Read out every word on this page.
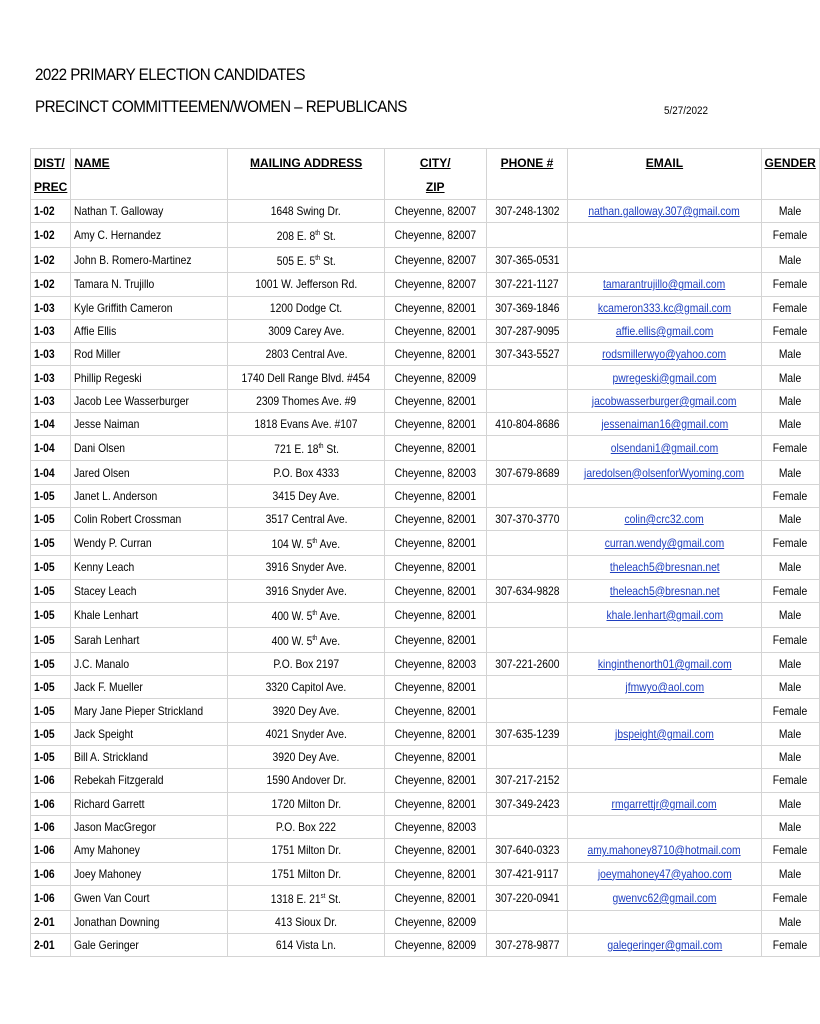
2022 PRIMARY ELECTION CANDIDATES
PRECINCT COMMITTEEMEN/WOMEN – REPUBLICANS	5/27/2022
DIST/
PREC	NAME	MAILING ADDRESS	CITY/
ZIP	PHONE #	EMAIL	GENDER

1-02	Nathan T. Galloway	1648 Swing Dr.	Cheyenne, 82007	307-248-1302	nathan.galloway.307@gmail.com	Male
1-02	Amy C. Hernandez	208 E. 8th St.	Cheyenne, 82007			Female
1-02	John B. Romero-Martinez	505 E. 5th St.	Cheyenne, 82007	307-365-0531		Male
1-02	Tamara N. Trujillo	1001 W. Jefferson Rd.	Cheyenne, 82007	307-221-1127	tamarantrujillo@gmail.com	Female
1-03	Kyle Griffith Cameron	1200 Dodge Ct.	Cheyenne, 82001	307-369-1846	kcameron333.kc@gmail.com	Female
1-03	Affie Ellis	3009 Carey Ave.	Cheyenne, 82001	307-287-9095	affie.ellis@gmail.com	Female
1-03	Rod Miller	2803 Central Ave.	Cheyenne, 82001	307-343-5527	rodsmillerwyo@yahoo.com	Male
1-03	Phillip Regeski	1740 Dell Range Blvd. #454	Cheyenne, 82009		pwregeski@gmail.com	Male
1-03	Jacob Lee Wasserburger	2309 Thomes Ave. #9	Cheyenne, 82001		jacobwasserburger@gmail.com	Male
1-04	Jesse Naiman	1818 Evans Ave. #107	Cheyenne, 82001	410-804-8686	jessenaiman16@gmail.com	Male
1-04	Dani Olsen	721 E. 18th St.	Cheyenne, 82001		olsendani1@gmail.com	Female
1-04	Jared Olsen	P.O. Box 4333	Cheyenne, 82003	307-679-8689	jaredolsen@olsenforWyoming.com	Male
1-05	Janet L. Anderson	3415 Dey Ave.	Cheyenne, 82001			Female
1-05	Colin Robert Crossman	3517 Central Ave.	Cheyenne, 82001	307-370-3770	colin@crc32.com	Male
1-05	Wendy P. Curran	104 W. 5th Ave.	Cheyenne, 82001		curran.wendy@gmail.com	Female
1-05	Kenny Leach	3916 Snyder Ave.	Cheyenne, 82001		theleach5@bresnan.net	Male
1-05	Stacey Leach	3916 Snyder Ave.	Cheyenne, 82001	307-634-9828	theleach5@bresnan.net	Female
1-05	Khale Lenhart	400 W. 5th Ave.	Cheyenne, 82001		khale.lenhart@gmail.com	Male
1-05	Sarah Lenhart	400 W. 5th Ave.	Cheyenne, 82001			Female
1-05	J.C. Manalo	P.O. Box 2197	Cheyenne, 82003	307-221-2600	kinginthenorth01@gmail.com	Male
1-05	Jack F. Mueller	3320 Capitol Ave.	Cheyenne, 82001		jfmwyo@aol.com	Male
1-05	Mary Jane Pieper Strickland	3920 Dey Ave.	Cheyenne, 82001			Female
1-05	Jack Speight	4021 Snyder Ave.	Cheyenne, 82001	307-635-1239	jbspeight@gmail.com	Male
1-05	Bill A. Strickland	3920 Dey Ave.	Cheyenne, 82001			Male
1-06	Rebekah Fitzgerald	1590 Andover Dr.	Cheyenne, 82001	307-217-2152		Female
1-06	Richard Garrett	1720 Milton Dr.	Cheyenne, 82001	307-349-2423	rmgarrettjr@gmail.com	Male
1-06	Jason MacGregor	P.O. Box 222	Cheyenne, 82003			Male
1-06	Amy Mahoney	1751 Milton Dr.	Cheyenne, 82001	307-640-0323	amy.mahoney8710@hotmail.com	Female
1-06	Joey Mahoney	1751 Milton Dr.	Cheyenne, 82001	307-421-9117	joeymahoney47@yahoo.com	Male
1-06	Gwen Van Court	1318 E. 21st St.	Cheyenne, 82001	307-220-0941	gwenvc62@gmail.com	Female
2-01	Jonathan Downing	413 Sioux Dr.	Cheyenne, 82009			Male
2-01	Gale Geringer	614 Vista Ln.	Cheyenne, 82009	307-278-9877	galegeringer@gmail.com	Female
